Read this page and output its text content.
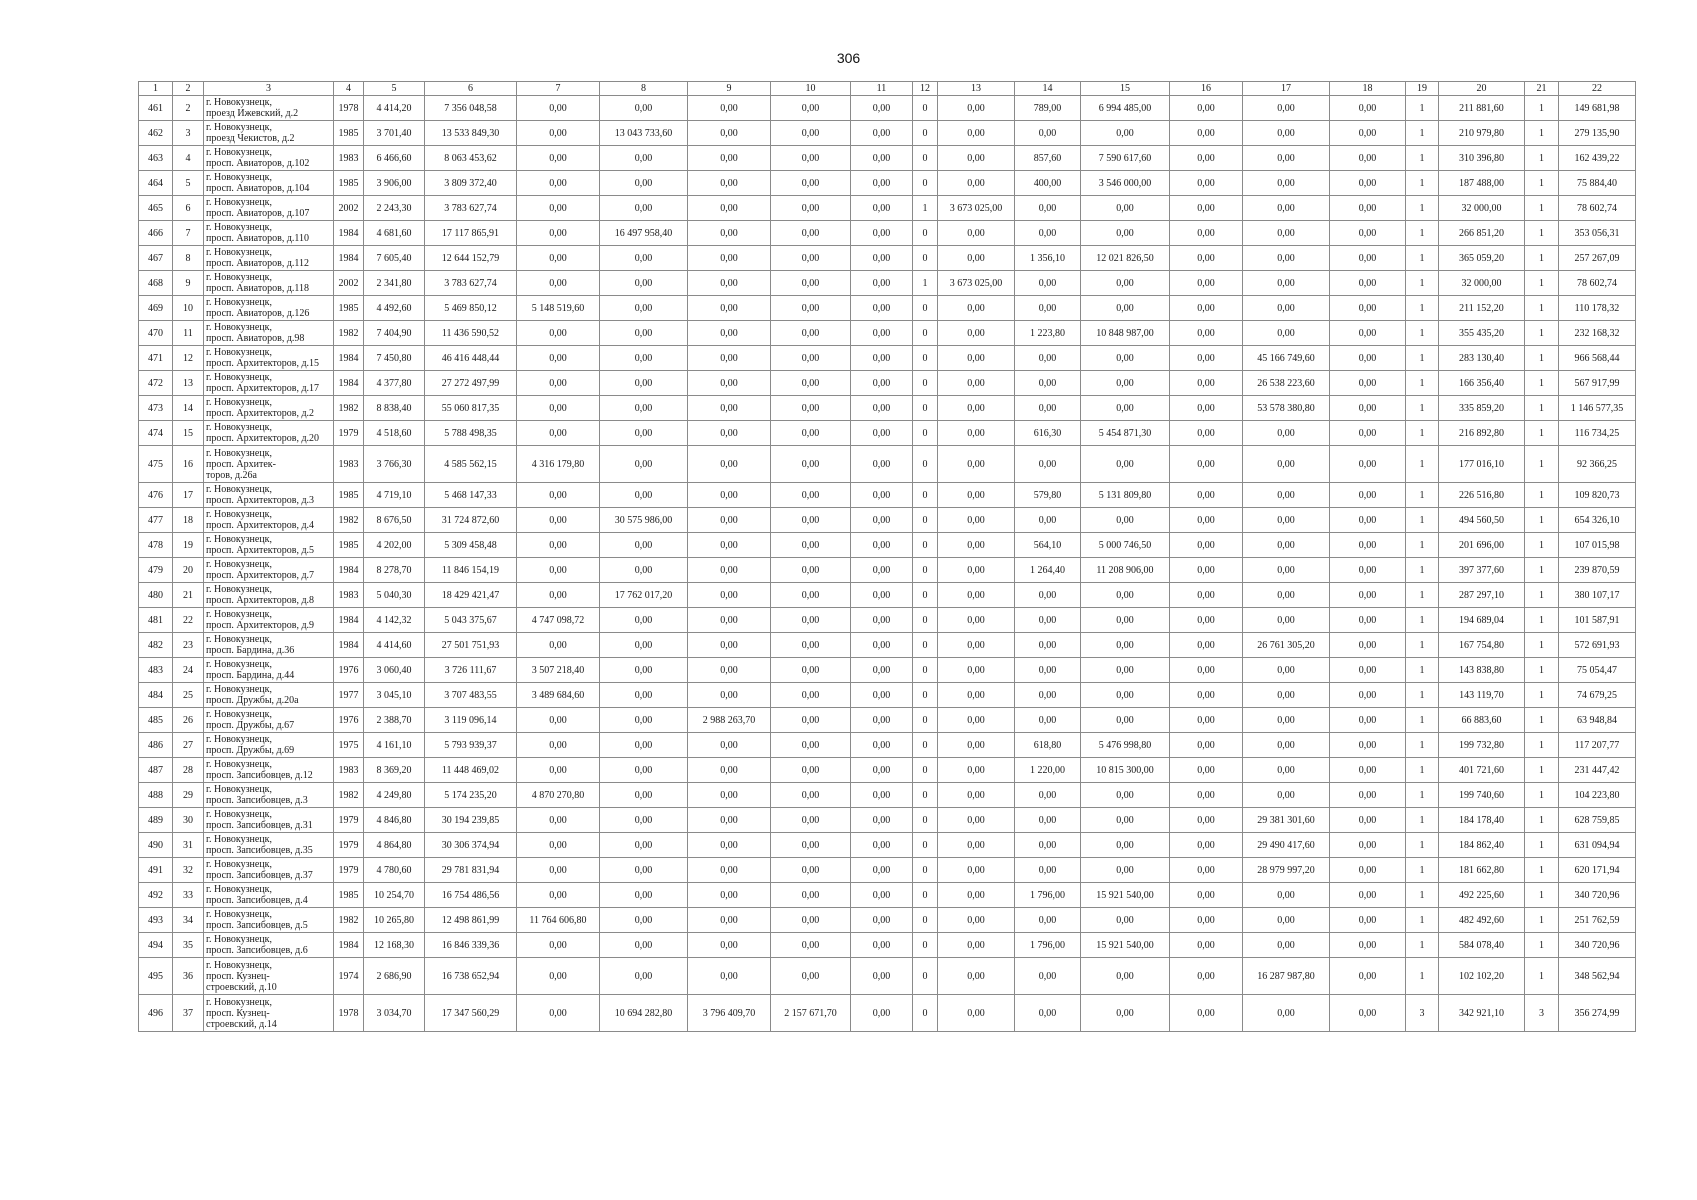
306
1	2	3	4	5	6	7	8	9	10	11	12	13	14	15	16	17	18	19	20	21	22
461	2	г. Новокузнецк,
проезд Ижевский, д.2	1978	4 414,20	7 356 048,58	0,00	0,00	0,00	0,00	0,00	0	0,00	789,00	6 994 485,00	0,00	0,00	0,00	1	211 881,60	1	149 681,98
462	3	г. Новокузнецк,
проезд Чекистов, д.2	1985	3 701,40	13 533 849,30	0,00	13 043 733,60	0,00	0,00	0,00	0	0,00	0,00	0,00	0,00	0,00	0,00	1	210 979,80	1	279 135,90
463	4	г. Новокузнецк,
просп. Авиаторов, д.102	1983	6 466,60	8 063 453,62	0,00	0,00	0,00	0,00	0,00	0	0,00	857,60	7 590 617,60	0,00	0,00	0,00	1	310 396,80	1	162 439,22
464	5	г. Новокузнецк,
просп. Авиаторов, д.104	1985	3 906,00	3 809 372,40	0,00	0,00	0,00	0,00	0,00	0	0,00	400,00	3 546 000,00	0,00	0,00	0,00	1	187 488,00	1	75 884,40
465	6	г. Новокузнецк,
просп. Авиаторов, д.107	2002	2 243,30	3 783 627,74	0,00	0,00	0,00	0,00	0,00	1	3 673 025,00	0,00	0,00	0,00	0,00	0,00	1	32 000,00	1	78 602,74
466	7	г. Новокузнецк,
просп. Авиаторов, д.110	1984	4 681,60	17 117 865,91	0,00	16 497 958,40	0,00	0,00	0,00	0	0,00	0,00	0,00	0,00	0,00	0,00	1	266 851,20	1	353 056,31
467	8	г. Новокузнецк,
просп. Авиаторов, д.112	1984	7 605,40	12 644 152,79	0,00	0,00	0,00	0,00	0,00	0	0,00	1 356,10	12 021 826,50	0,00	0,00	0,00	1	365 059,20	1	257 267,09
468	9	г. Новокузнецк,
просп. Авиаторов, д.118	2002	2 341,80	3 783 627,74	0,00	0,00	0,00	0,00	0,00	1	3 673 025,00	0,00	0,00	0,00	0,00	0,00	1	32 000,00	1	78 602,74
469	10	г. Новокузнецк,
просп. Авиаторов, д.126	1985	4 492,60	5 469 850,12	5 148 519,60	0,00	0,00	0,00	0,00	0	0,00	0,00	0,00	0,00	0,00	0,00	1	211 152,20	1	110 178,32
470	11	г. Новокузнецк,
просп. Авиаторов, д.98	1982	7 404,90	11 436 590,52	0,00	0,00	0,00	0,00	0,00	0	0,00	1 223,80	10 848 987,00	0,00	0,00	0,00	1	355 435,20	1	232 168,32
471	12	г. Новокузнецк,
просп. Архитекторов, д.15	1984	7 450,80	46 416 448,44	0,00	0,00	0,00	0,00	0,00	0	0,00	0,00	0,00	0,00	45 166 749,60	0,00	1	283 130,40	1	966 568,44
472	13	г. Новокузнецк,
просп. Архитекторов, д.17	1984	4 377,80	27 272 497,99	0,00	0,00	0,00	0,00	0,00	0	0,00	0,00	0,00	0,00	26 538 223,60	0,00	1	166 356,40	1	567 917,99
473	14	г. Новокузнецк,
просп. Архитекторов, д.2	1982	8 838,40	55 060 817,35	0,00	0,00	0,00	0,00	0,00	0	0,00	0,00	0,00	0,00	53 578 380,80	0,00	1	335 859,20	1	1 146 577,35
474	15	г. Новокузнецк,
просп. Архитекторов, д.20	1979	4 518,60	5 788 498,35	0,00	0,00	0,00	0,00	0,00	0	0,00	616,30	5 454 871,30	0,00	0,00	0,00	1	216 892,80	1	116 734,25
475	16	г. Новокузнецк,
просп. Архитек-
торов, д.26а	1983	3 766,30	4 585 562,15	4 316 179,80	0,00	0,00	0,00	0,00	0	0,00	0,00	0,00	0,00	0,00	0,00	1	177 016,10	1	92 366,25
476	17	г. Новокузнецк,
просп. Архитекторов, д.3	1985	4 719,10	5 468 147,33	0,00	0,00	0,00	0,00	0,00	0	0,00	579,80	5 131 809,80	0,00	0,00	0,00	1	226 516,80	1	109 820,73
477	18	г. Новокузнецк,
просп. Архитекторов, д.4	1982	8 676,50	31 724 872,60	0,00	30 575 986,00	0,00	0,00	0,00	0	0,00	0,00	0,00	0,00	0,00	0,00	1	494 560,50	1	654 326,10
478	19	г. Новокузнецк,
просп. Архитекторов, д.5	1985	4 202,00	5 309 458,48	0,00	0,00	0,00	0,00	0,00	0	0,00	564,10	5 000 746,50	0,00	0,00	0,00	1	201 696,00	1	107 015,98
479	20	г. Новокузнецк,
просп. Архитекторов, д.7	1984	8 278,70	11 846 154,19	0,00	0,00	0,00	0,00	0,00	0	0,00	1 264,40	11 208 906,00	0,00	0,00	0,00	1	397 377,60	1	239 870,59
480	21	г. Новокузнецк,
просп. Архитекторов, д.8	1983	5 040,30	18 429 421,47	0,00	17 762 017,20	0,00	0,00	0,00	0	0,00	0,00	0,00	0,00	0,00	0,00	1	287 297,10	1	380 107,17
481	22	г. Новокузнецк,
просп. Архитекторов, д.9	1984	4 142,32	5 043 375,67	4 747 098,72	0,00	0,00	0,00	0,00	0	0,00	0,00	0,00	0,00	0,00	0,00	1	194 689,04	1	101 587,91
482	23	г. Новокузнецк,
просп. Бардина, д.36	1984	4 414,60	27 501 751,93	0,00	0,00	0,00	0,00	0,00	0	0,00	0,00	0,00	0,00	26 761 305,20	0,00	1	167 754,80	1	572 691,93
483	24	г. Новокузнецк,
просп. Бардина, д.44	1976	3 060,40	3 726 111,67	3 507 218,40	0,00	0,00	0,00	0,00	0	0,00	0,00	0,00	0,00	0,00	0,00	1	143 838,80	1	75 054,47
484	25	г. Новокузнецк,
просп. Дружбы, д.20а	1977	3 045,10	3 707 483,55	3 489 684,60	0,00	0,00	0,00	0,00	0	0,00	0,00	0,00	0,00	0,00	0,00	1	143 119,70	1	74 679,25
485	26	г. Новокузнецк,
просп. Дружбы, д.67	1976	2 388,70	3 119 096,14	0,00	0,00	2 988 263,70	0,00	0,00	0	0,00	0,00	0,00	0,00	0,00	0,00	1	66 883,60	1	63 948,84
486	27	г. Новокузнецк,
просп. Дружбы, д.69	1975	4 161,10	5 793 939,37	0,00	0,00	0,00	0,00	0,00	0	0,00	618,80	5 476 998,80	0,00	0,00	0,00	1	199 732,80	1	117 207,77
487	28	г. Новокузнецк,
просп. Запсибовцев, д.12	1983	8 369,20	11 448 469,02	0,00	0,00	0,00	0,00	0,00	0	0,00	1 220,00	10 815 300,00	0,00	0,00	0,00	1	401 721,60	1	231 447,42
488	29	г. Новокузнецк,
просп. Запсибовцев, д.3	1982	4 249,80	5 174 235,20	4 870 270,80	0,00	0,00	0,00	0,00	0	0,00	0,00	0,00	0,00	0,00	0,00	1	199 740,60	1	104 223,80
489	30	г. Новокузнецк,
просп. Запсибовцев, д.31	1979	4 846,80	30 194 239,85	0,00	0,00	0,00	0,00	0,00	0	0,00	0,00	0,00	0,00	29 381 301,60	0,00	1	184 178,40	1	628 759,85
490	31	г. Новокузнецк,
просп. Запсибовцев, д.35	1979	4 864,80	30 306 374,94	0,00	0,00	0,00	0,00	0,00	0	0,00	0,00	0,00	0,00	29 490 417,60	0,00	1	184 862,40	1	631 094,94
491	32	г. Новокузнецк,
просп. Запсибовцев, д.37	1979	4 780,60	29 781 831,94	0,00	0,00	0,00	0,00	0,00	0	0,00	0,00	0,00	0,00	28 979 997,20	0,00	1	181 662,80	1	620 171,94
492	33	г. Новокузнецк,
просп. Запсибовцев, д.4	1985	10 254,70	16 754 486,56	0,00	0,00	0,00	0,00	0,00	0	0,00	1 796,00	15 921 540,00	0,00	0,00	0,00	1	492 225,60	1	340 720,96
493	34	г. Новокузнецк,
просп. Запсибовцев, д.5	1982	10 265,80	12 498 861,99	11 764 606,80	0,00	0,00	0,00	0,00	0	0,00	0,00	0,00	0,00	0,00	0,00	1	482 492,60	1	251 762,59
494	35	г. Новокузнецк,
просп. Запсибовцев, д.6	1984	12 168,30	16 846 339,36	0,00	0,00	0,00	0,00	0,00	0	0,00	1 796,00	15 921 540,00	0,00	0,00	0,00	1	584 078,40	1	340 720,96
495	36	г. Новокузнецк,
просп. Кузнец-
строевский, д.10	1974	2 686,90	16 738 652,94	0,00	0,00	0,00	0,00	0,00	0	0,00	0,00	0,00	0,00	16 287 987,80	0,00	1	102 102,20	1	348 562,94
496	37	г. Новокузнецк,
просп. Кузнец-
строевский, д.14	1978	3 034,70	17 347 560,29	0,00	10 694 282,80	3 796 409,70	2 157 671,70	0,00	0	0,00	0,00	0,00	0,00	0,00	0,00	3	342 921,10	3	356 274,99
